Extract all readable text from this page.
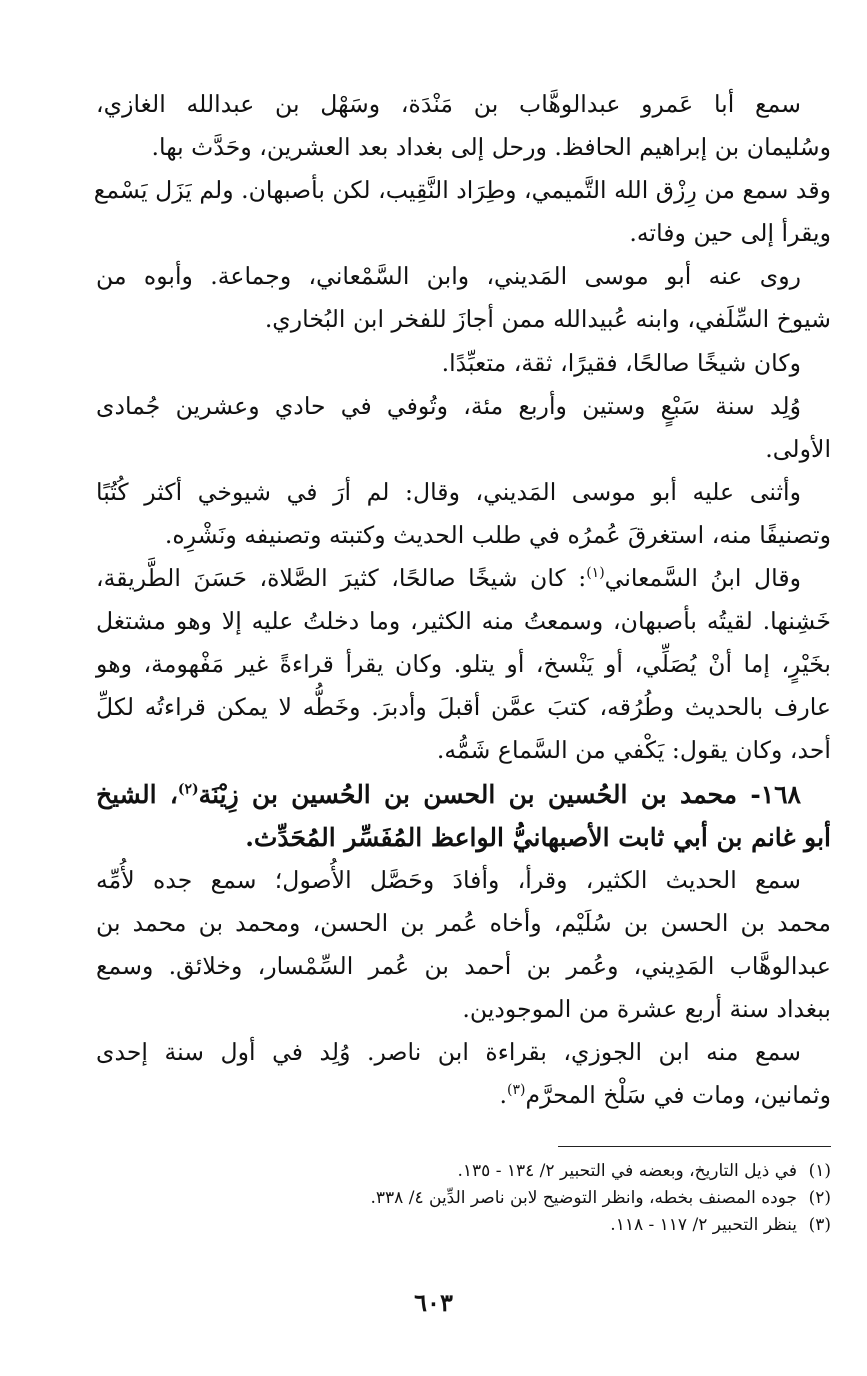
سمع أبا عَمرو عبدالوهَّاب بن مَنْدَة، وسَهْل بن عبدالله الغازي،
وسُليمان بن إبراهيم الحافظ. ورحل إلى بغداد بعد العشرين، وحَدَّث بها.
وقد سمع من رِزْق الله التَّميمي، وطِرَاد النَّقِيب، لكن بأصبهان. ولم يَزَل يَسْمع
ويقرأ إلى حين وفاته.
روى عنه أبو موسى المَديني، وابن السَّمْعاني، وجماعة. وأبوه من
شيوخ السِّلَفي، وابنه عُبيدالله ممن أجازَ للفخر ابن البُخاري.
وكان شيخًا صالحًا، فقيرًا، ثقة، متعبِّدًا.
وُلِد سنة سَبْعٍ وستين وأربع مئة، وتُوفي في حادي وعشرين جُمادى
الأولى.
وأثنى عليه أبو موسى المَديني، وقال: لم أرَ في شيوخي أكثر كُتُبًا
وتصنيفًا منه، استغرقَ عُمرُه في طلب الحديث وكتبته وتصنيفه ونَشْرِه.
وقال ابنُ السَّمعاني$^{(١)}$: كان شيخًا صالحًا، كثيرَ الصَّلاة، حَسَنَ الطَّريقة،
خَشِنها. لقيتُه بأصبهان، وسمعتُ منه الكثير، وما دخلتُ عليه إلا وهو مشتغل
بخَيْرٍ، إما أنْ يُصَلِّي، أو يَنْسخ، أو يتلو. وكان يقرأ قراءةً غير مَفْهومة، وهو
عارف بالحديث وطُرُقه، كتبَ عمَّن أقبلَ وأدبرَ. وخَطُّه لا يمكن قراءتُه لكلِّ
أحد، وكان يقول: يَكْفي من السَّماع شَمُّه.
١٦٨- محمد بن الحُسين بن الحسن بن الحُسين بن زِيْنَة$^{(٢)}$، الشيخ
أبو غانم بن أبي ثابت الأصبهانيُّ الواعظ المُفَسِّر المُحَدِّث.
سمع الحديث الكثير، وقرأ، وأفادَ وحَصَّل الأُصول؛ سمع جده لأُمِّه
محمد بن الحسن بن سُلَيْم، وأخاه عُمر بن الحسن، ومحمد بن محمد بن
عبدالوهَّاب المَدِيني، وعُمر بن أحمد بن عُمر السِّمْسار، وخلائق. وسمع
ببغداد سنة أربع عشرة من الموجودين.
سمع منه ابن الجوزي، بقراءة ابن ناصر. وُلِد في أول سنة إحدى
وثمانين، ومات في سَلْخ المحرَّم$^{(٣)}$.
(١)في ذيل التاريخ، وبعضه في التحبير ٢/ ١٣٤ - ١٣٥.
(٢)جوده المصنف بخطه، وانظر التوضيح لابن ناصر الدِّين ٤/ ٣٣٨.
(٣)ينظر التحبير ٢/ ١١٧ - ١١٨.
٦٠٣
